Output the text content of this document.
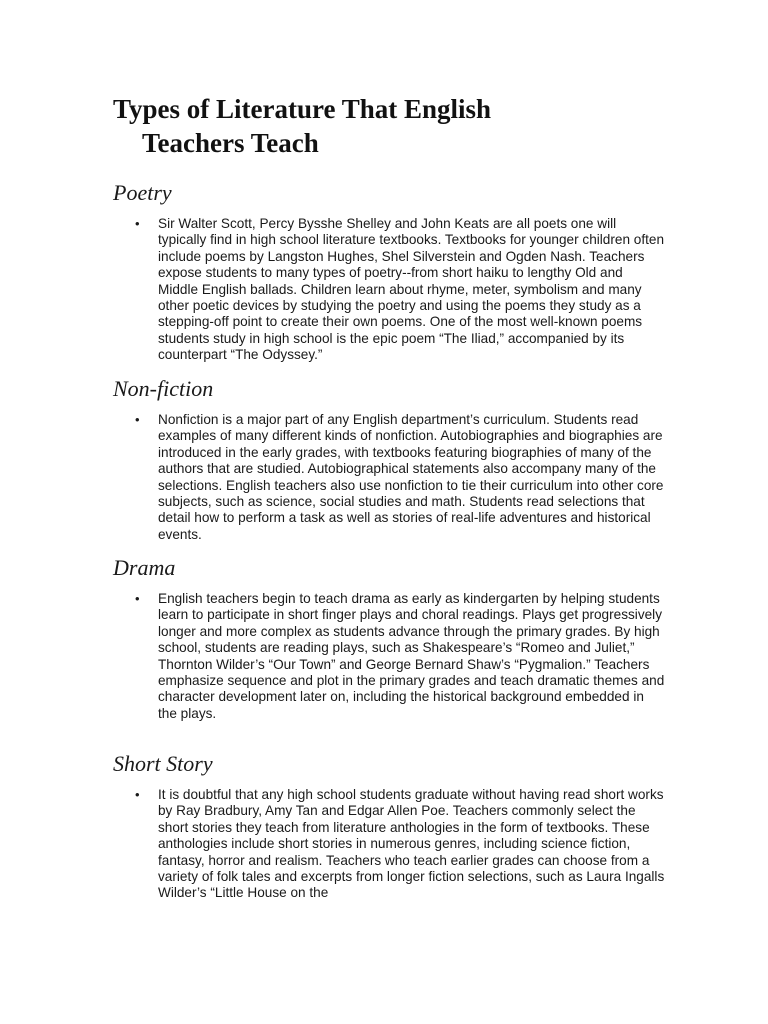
Types of Literature That English
Teachers Teach
Poetry
• Sir Walter Scott, Percy Bysshe Shelley and John Keats are all poets one will typically find in high school literature textbooks. Textbooks for younger children often include poems by Langston Hughes, Shel Silverstein and Ogden Nash. Teachers expose students to many types of poetry--from short haiku to lengthy Old and Middle English ballads. Children learn about rhyme, meter, symbolism and many other poetic devices by studying the poetry and using the poems they study as a stepping-off point to create their own poems. One of the most well-known poems students study in high school is the epic poem “The Iliad,” accompanied by its counterpart “The Odyssey.”
Non-fiction
• Nonfiction is a major part of any English department’s curriculum. Students read examples of many different kinds of nonfiction. Autobiographies and biographies are introduced in the early grades, with textbooks featuring biographies of many of the authors that are studied. Autobiographical statements also accompany many of the selections. English teachers also use nonfiction to tie their curriculum into other core subjects, such as science, social studies and math. Students read selections that detail how to perform a task as well as stories of real-life adventures and historical events.
Drama
• English teachers begin to teach drama as early as kindergarten by helping students learn to participate in short finger plays and choral readings. Plays get progressively longer and more complex as students advance through the primary grades. By high school, students are reading plays, such as Shakespeare’s “Romeo and Juliet,” Thornton Wilder’s “Our Town” and George Bernard Shaw’s “Pygmalion.” Teachers emphasize sequence and plot in the primary grades and teach dramatic themes and character development later on, including the historical background embedded in the plays.
Short Story
• It is doubtful that any high school students graduate without having read short works by Ray Bradbury, Amy Tan and Edgar Allen Poe. Teachers commonly select the short stories they teach from literature anthologies in the form of textbooks. These anthologies include short stories in numerous genres, including science fiction, fantasy, horror and realism. Teachers who teach earlier grades can choose from a variety of folk tales and excerpts from longer fiction selections, such as Laura Ingalls Wilder’s “Little House on the
